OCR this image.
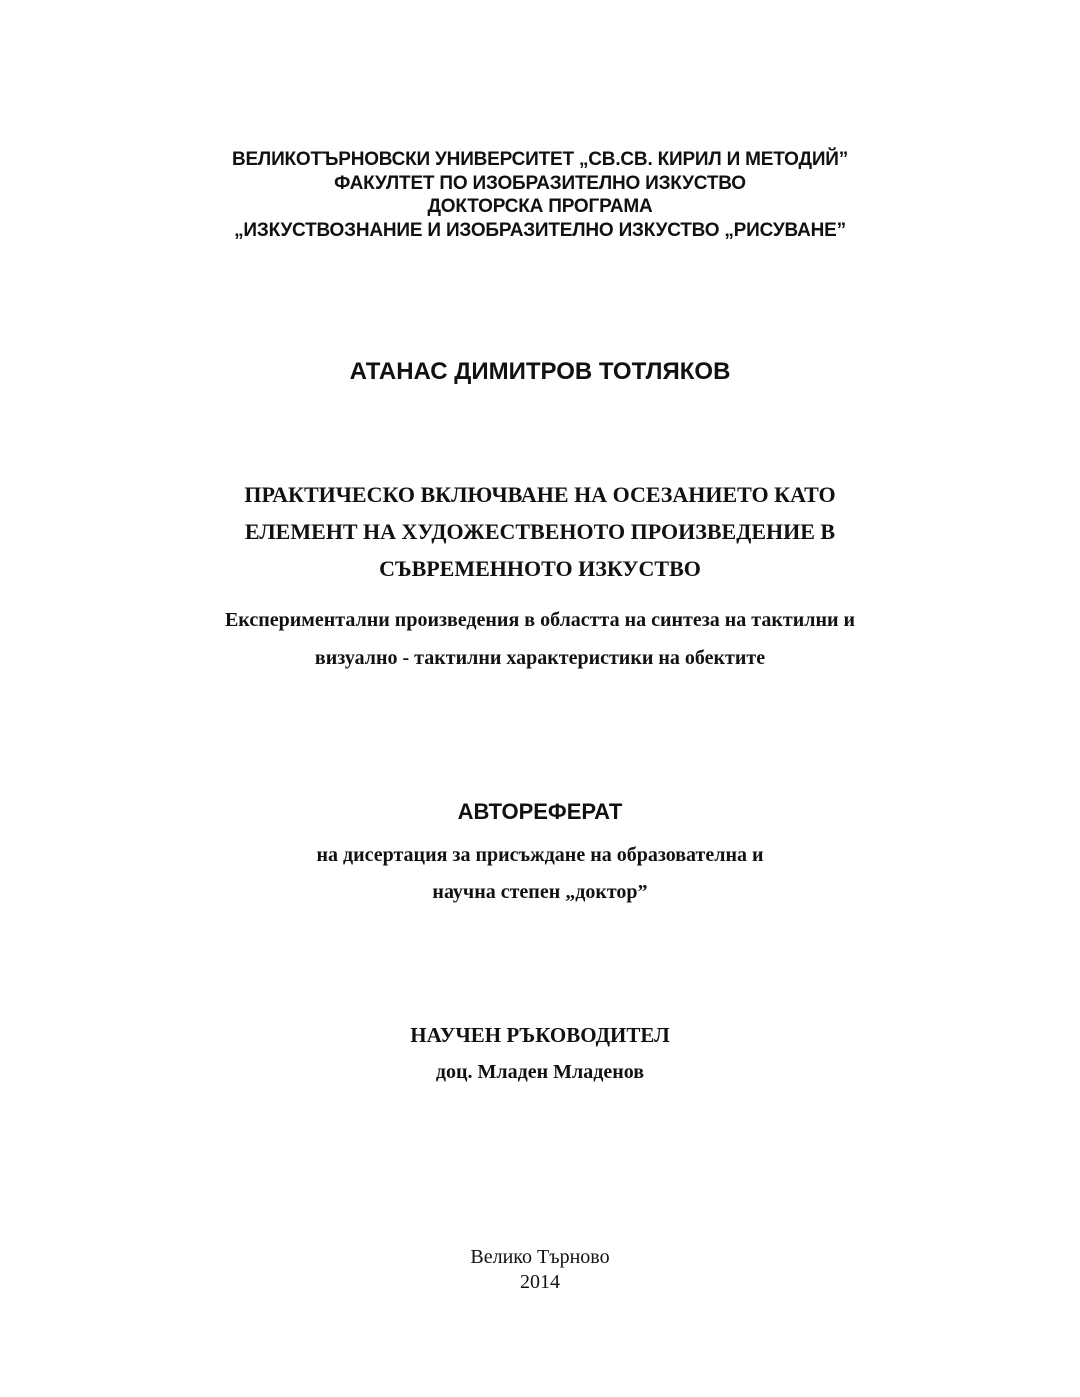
ВЕЛИКОТЪРНОВСКИ УНИВЕРСИТЕТ „СВ.СВ. КИРИЛ И МЕТОДИЙ”
ФАКУЛТЕТ ПО ИЗОБРАЗИТЕЛНО ИЗКУСТВО
ДОКТОРСКА ПРОГРАМА
„ИЗКУСТВОЗНАНИЕ И ИЗОБРАЗИТЕЛНО ИЗКУСТВО „РИСУВАНЕ”
АТАНАС ДИМИТРОВ ТОТЛЯКОВ
ПРАКТИЧЕСКО ВКЛЮЧВАНЕ НА ОСЕЗАНИЕТО КАТО
ЕЛЕМЕНТ НА ХУДОЖЕСТВЕНОТО ПРОИЗВЕДЕНИЕ В
СЪВРЕМЕННОТО ИЗКУСТВО
Експериментални произведения в областта на синтеза на тактилни и
визуално - тактилни характеристики на обектите
АВТОРЕФЕРАТ
на дисертация за присъждане на образователна и
научна степен „доктор”
НАУЧЕН РЪКОВОДИТЕЛ
доц. Младен Младенов
Велико Търново
2014
